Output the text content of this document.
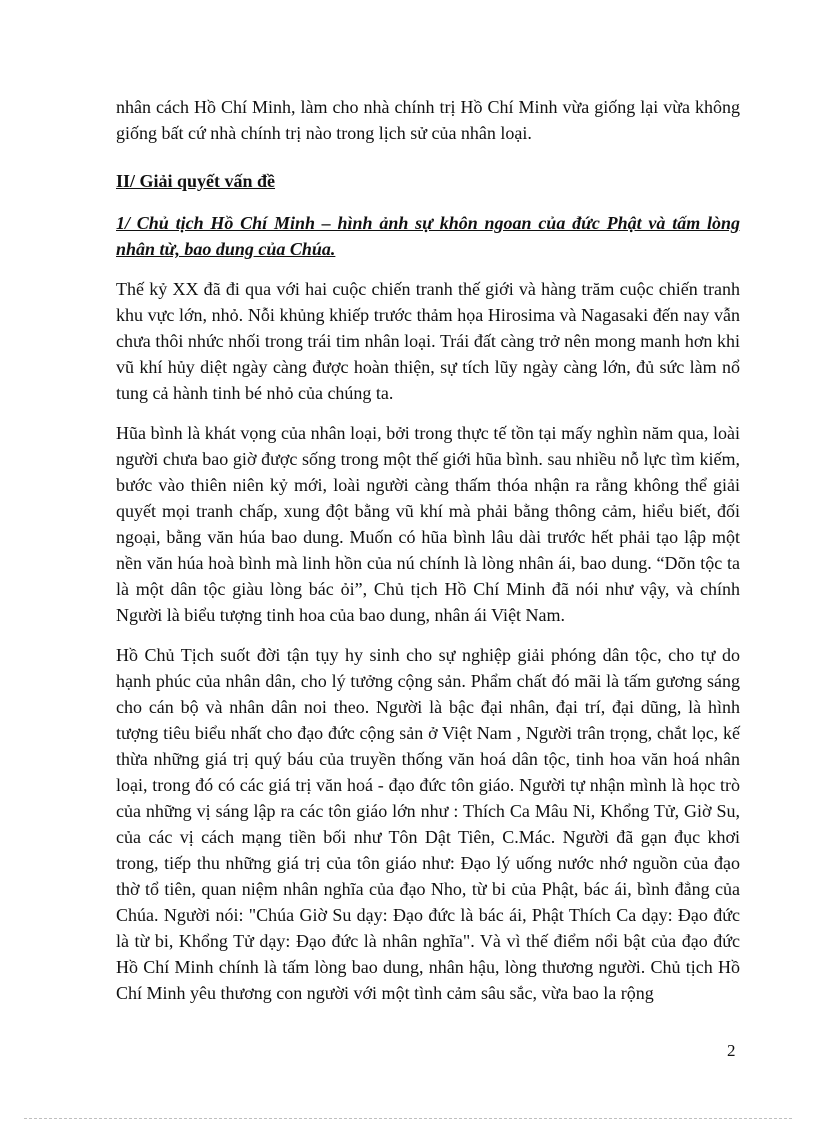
nhân cách Hồ Chí Minh, làm cho nhà chính trị Hồ Chí Minh vừa giống lại vừa không giống bất cứ nhà chính trị nào trong lịch sử của nhân loại.

II/ Giải quyết vấn đề

1/ Chủ tịch Hồ Chí Minh – hình ảnh sự khôn ngoan của đức Phật và tấm lòng nhân từ, bao dung của Chúa.

Thế kỷ XX đã đi qua với hai cuộc chiến tranh thế giới và hàng trăm cuộc chiến tranh khu vực lớn, nhỏ. Nỗi khủng khiếp trước thảm họa Hirosima và Nagasaki đến nay vẫn chưa thôi nhức nhối trong trái tim nhân loại. Trái đất càng trở nên mong manh hơn khi vũ khí hủy diệt ngày càng được hoàn thiện, sự tích lũy ngày càng lớn, đủ sức làm nổ tung cả hành tinh bé nhỏ của chúng ta.

Hũa bình là khát vọng của nhân loại, bởi trong thực tế tồn tại mấy nghìn năm qua, loài người chưa bao giờ được sống trong một thế giới hũa bình. sau nhiều nỗ lực tìm kiếm, bước vào thiên niên kỷ mới, loài người càng thấm thóa nhận ra rằng không thể giải quyết mọi tranh chấp, xung đột bằng vũ khí mà phải bằng thông cảm, hiểu biết, đối ngoại, bằng văn húa bao dung. Muốn có hũa bình lâu dài trước hết phải tạo lập một nền văn húa hoà bình mà linh hồn của nú chính là lòng nhân ái, bao dung. “Dõn tộc ta là một dân tộc giàu lòng bác ỏi”, Chủ tịch Hồ Chí Minh đã nói như vậy, và chính Người là biểu tượng tinh hoa của bao dung, nhân ái Việt Nam.

Hồ Chủ Tịch suốt đời tận tụy hy sinh cho sự nghiệp giải phóng dân tộc, cho tự do hạnh phúc của nhân dân, cho lý tưởng cộng sản. Phẩm chất đó mãi là tấm gương sáng cho cán bộ và nhân dân noi theo. Người là bậc đại nhân, đại trí, đại dũng, là hình tượng tiêu biểu nhất cho đạo đức cộng sản ở Việt Nam , Người trân trọng, chắt lọc, kế thừa những giá trị quý báu của truyền thống văn hoá dân tộc, tinh hoa văn hoá nhân loại, trong đó có các giá trị văn hoá - đạo đức tôn giáo. Người tự nhận mình là học trò của những vị sáng lập ra các tôn giáo lớn như : Thích Ca Mâu Ni, Khổng Tử, Giờ Su, của các vị cách mạng tiền bối như Tôn Dật Tiên, C.Mác. Người đã gạn đục khơi trong, tiếp thu những giá trị của tôn giáo như: Đạo lý uống nước nhớ nguồn của đạo thờ tổ tiên, quan niệm nhân nghĩa của đạo Nho, từ bi của Phật, bác ái, bình đẳng của Chúa. Người nói: "Chúa Giờ Su dạy: Đạo đức là bác ái, Phật Thích Ca dạy: Đạo đức là từ bi, Khổng Tử dạy: Đạo đức là nhân nghĩa". Và vì thế điểm nổi bật của đạo đức Hồ Chí Minh chính là tấm lòng bao dung, nhân hậu, lòng thương người. Chủ tịch Hồ Chí Minh yêu thương con người với một tình cảm sâu sắc, vừa bao la rộng

2
